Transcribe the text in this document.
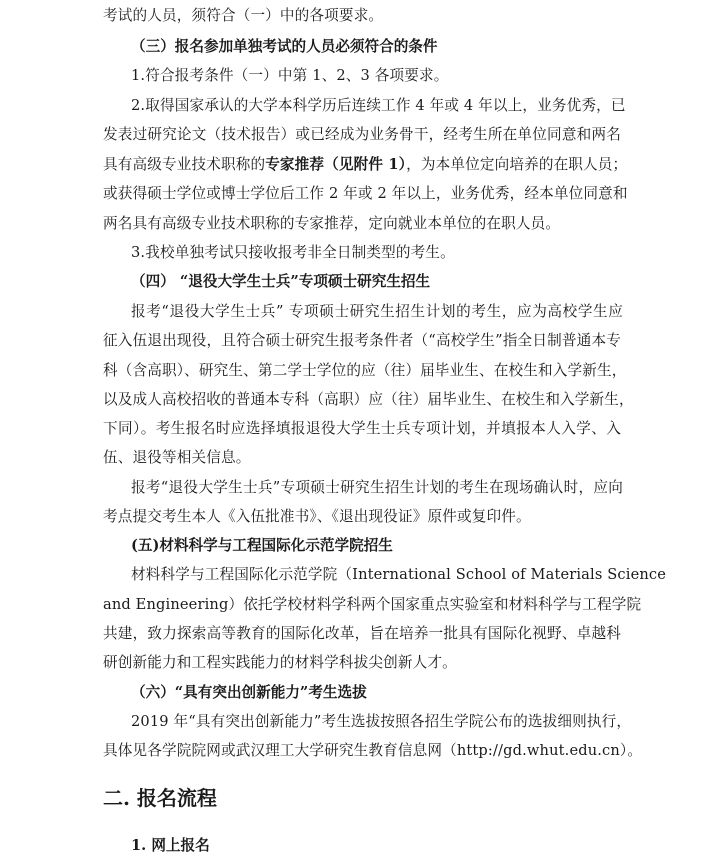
考试的人员，须符合（一）中的各项要求。
（三）报名参加单独考试的人员必须符合的条件
1.符合报考条件（一）中第 1、2、3 各项要求。
2.取得国家承认的大学本科学历后连续工作 4 年或 4 年以上，业务优秀，已
发表过研究论文（技术报告）或已经成为业务骨干，经考生所在单位同意和两名
具有高级专业技术职称的专家推荐（见附件 1），为本单位定向培养的在职人员；
或获得硕士学位或博士学位后工作 2 年或 2 年以上，业务优秀，经本单位同意和
两名具有高级专业技术职称的专家推荐，定向就业本单位的在职人员。
3.我校单独考试只接收报考非全日制类型的考生。
（四） “退役大学生士兵”专项硕士研究生招生
报考“退役大学生士兵” 专项硕士研究生招生计划的考生，应为高校学生应
征入伍退出现役，且符合硕士研究生报考条件者（“高校学生”指全日制普通本专
科（含高职）、研究生、第二学士学位的应（往）届毕业生、在校生和入学新生，
以及成人高校招收的普通本专科（高职）应（往）届毕业生、在校生和入学新生，
下同）。考生报名时应选择填报退役大学生士兵专项计划，并填报本人入学、入
伍、退役等相关信息。
报考“退役大学生士兵”专项硕士研究生招生计划的考生在现场确认时，应向
考点提交考生本人《入伍批准书》、《退出现役证》原件或复印件。
(五)材料科学与工程国际化示范学院招生
材料科学与工程国际化示范学院（International School of Materials Science
and Engineering）依托学校材料学科两个国家重点实验室和材料科学与工程学院
共建，致力探索高等教育的国际化改革，旨在培养一批具有国际化视野、卓越科
研创新能力和工程实践能力的材料学科拔尖创新人才。
（六）“具有突出创新能力”考生选拔
2019 年“具有突出创新能力”考生选拔按照各招生学院公布的选拔细则执行，
具体见各学院院网或武汉理工大学研究生教育信息网（http://gd.whut.edu.cn）。
二. 报名流程
1. 网上报名
